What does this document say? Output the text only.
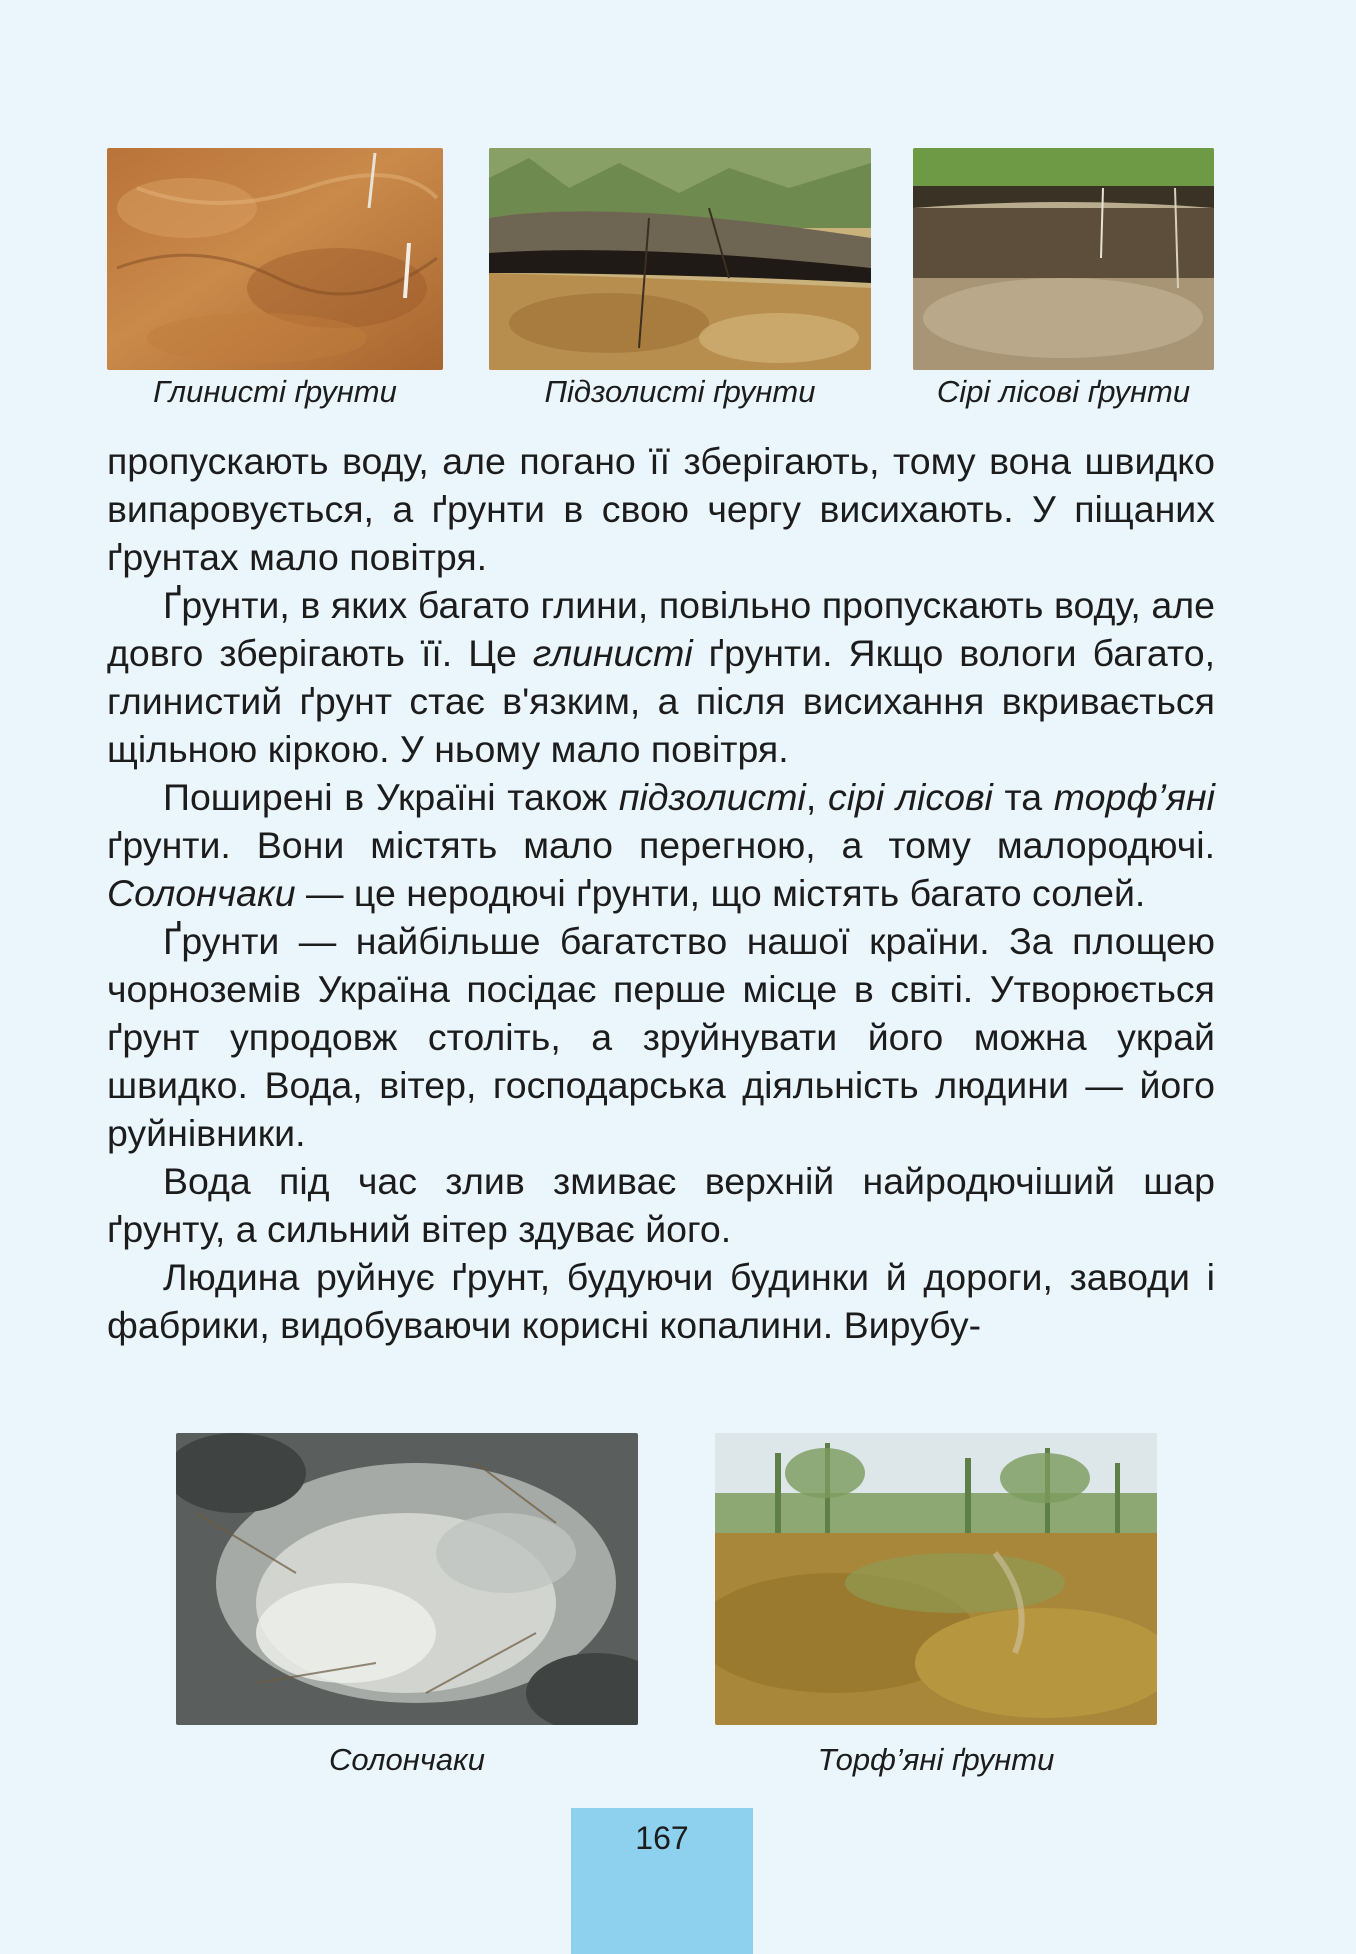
Глинисті ґрунти	Підзолисті ґрунти	Сірі лісові ґрунти

пропускають воду, але погано її зберігають, тому вона швидко випаровується, а ґрунти в свою чергу висихають. У піщаних ґрунтах мало повітря.

Ґрунти, в яких багато глини, повільно пропускають воду, але довго зберігають її. Це глинисті ґрунти. Якщо вологи багато, глинистий ґрунт стає в'язким, а після висихання вкривається щільною кіркою. У ньому мало повітря.

Поширені в Україні також підзолисті, сірі лісові та торф’яні ґрунти. Вони містять мало перегною, а тому малородючі. Солончаки — це неродючі ґрунти, що містять багато солей.

Ґрунти — найбільше багатство нашої країни. За площею чорноземів Україна посідає перше місце в світі. Утворюється ґрунт упродовж століть, а зруйнувати його можна украй швидко. Вода, вітер, господарська діяльність людини — його руйнівники.

Вода під час злив змиває верхній найродючіший шар ґрунту, а сильний вітер здуває його.

Людина руйнує ґрунт, будуючи будинки й дороги, заводи і фабрики, видобуваючи корисні копалини. Вирубу-

Солончаки	Торф’яні ґрунти

167
